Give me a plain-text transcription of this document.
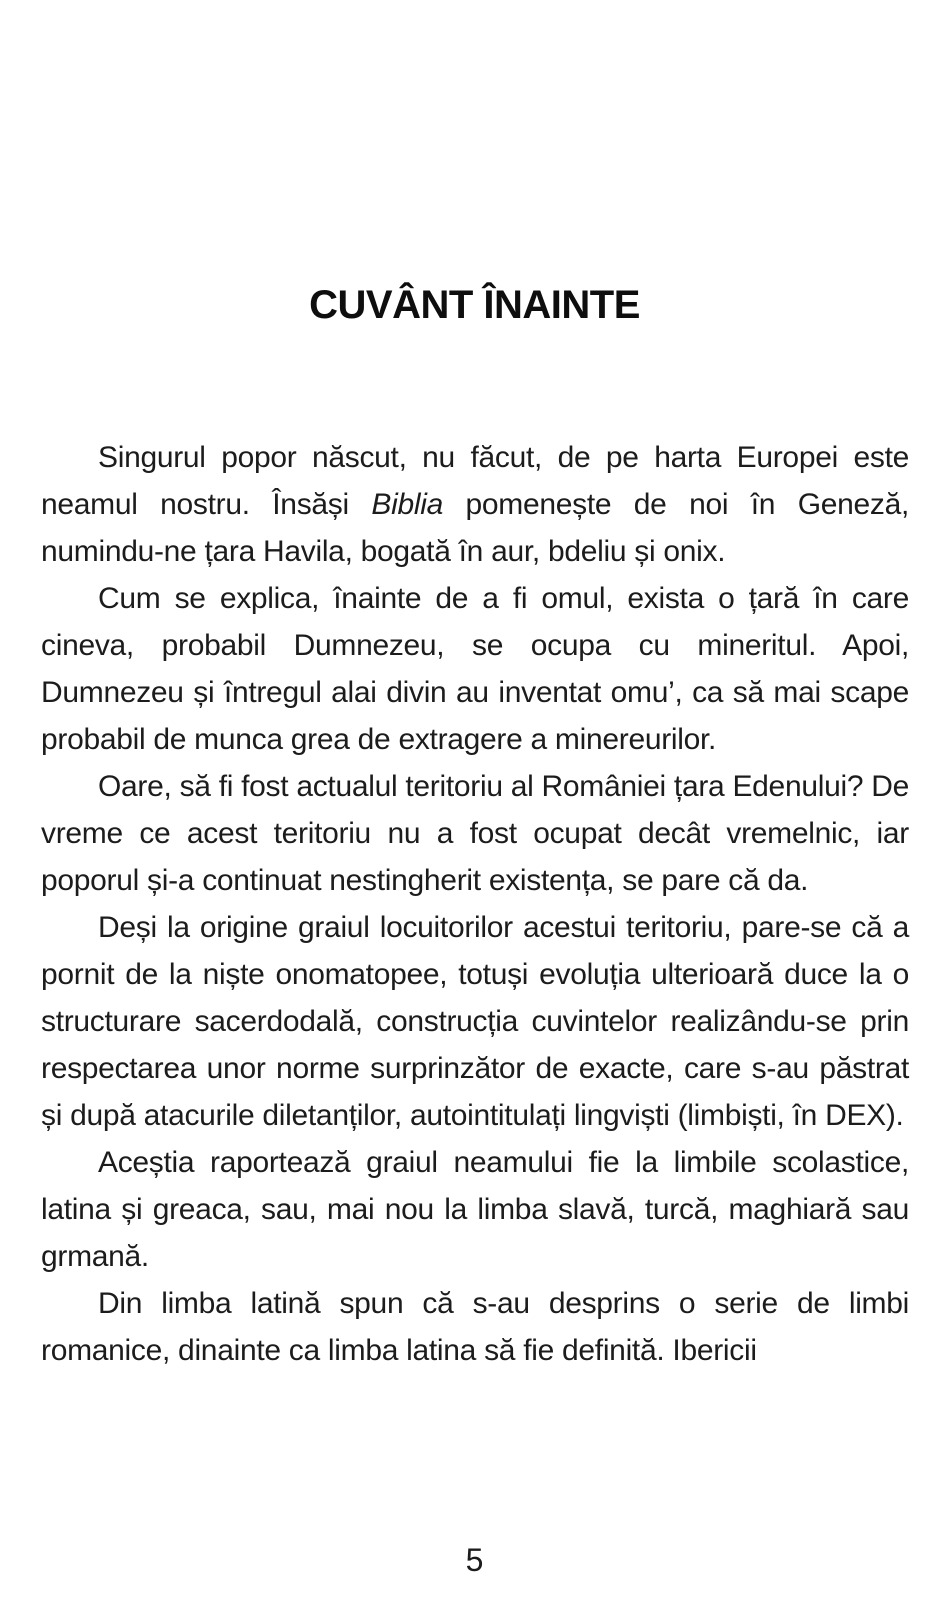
CUVÂNT ÎNAINTE

Singurul popor născut, nu făcut, de pe harta Europei este neamul nostru. Însăși Biblia pomenește de noi în Geneză, numindu-ne țara Havila, bogată în aur, bdeliu și onix.

Cum se explica, înainte de a fi omul, exista o țară în care cineva, probabil Dumnezeu, se ocupa cu mineritul. Apoi, Dumnezeu și întregul alai divin au inventat omu’, ca să mai scape probabil de munca grea de extragere a minereurilor.

Oare, să fi fost actualul teritoriu al României țara Edenului? De vreme ce acest teritoriu nu a fost ocupat decât vremelnic, iar poporul și-a continuat nestingherit existența, se pare că da.

Deși la origine graiul locuitorilor acestui teritoriu, pare-se că a pornit de la niște onomatopee, totuși evoluția ulterioară duce la o structurare sacerdodală, construcția cuvintelor realizându-se prin respectarea unor norme surprinzător de exacte, care s-au păstrat și după atacurile diletanților, autointitulați lingviști (limbiști, în DEX).

Aceștia raportează graiul neamului fie la limbile scolastice, latina și greaca, sau, mai nou la limba slavă, turcă, maghiară sau grmană.

Din limba latină spun că s-au desprins o serie de limbi romanice, dinainte ca limba latina să fie definită. Ibericii

5
